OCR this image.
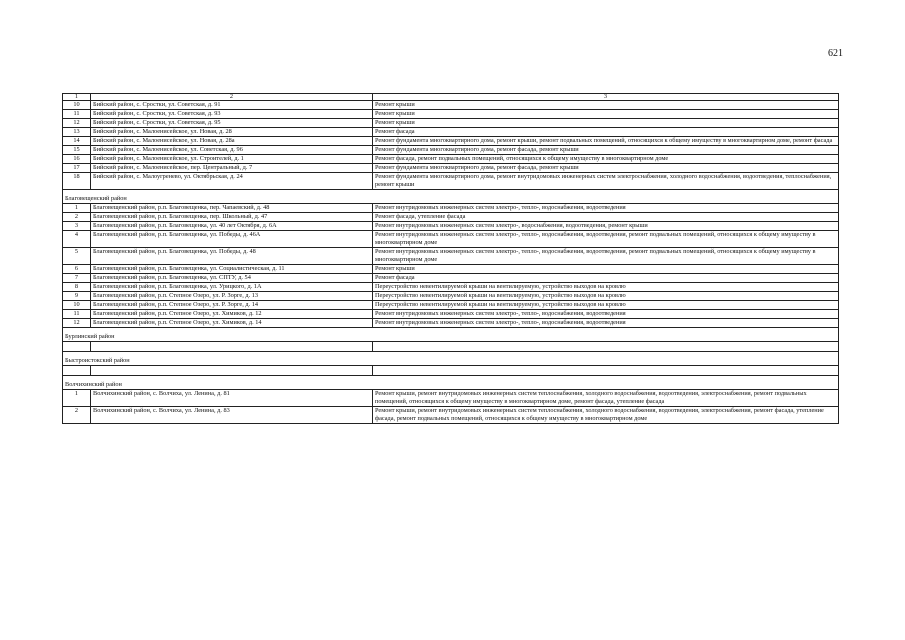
621
1	2	3
10	Бийский район, с. Сростки, ул. Советская, д. 91	Ремонт крыши
11	Бийский район, с. Сростки, ул. Советская, д. 93	Ремонт крыши
12	Бийский район, с. Сростки, ул. Советская, д. 95	Ремонт крыши
13	Бийский район, с. Малоенисейское, ул. Новая, д. 28	Ремонт фасада
14	Бийский район, с. Малоенисейское, ул. Новая, д. 28а	Ремонт фундамента многоквартирного дома, ремонт крыши, ремонт подвальных помещений, относящихся к общему имуществу в многоквартирном доме, ремонт фасада
15	Бийский район, с. Малоенисейское, ул. Советская, д. 96	Ремонт фундамента многоквартирного дома, ремонт фасада, ремонт крыши
16	Бийский район, с. Малоенисейское, ул. Строителей, д. 1	Ремонт фасада, ремонт подвальных помещений, относящихся к общему имуществу в многоквартирном доме
17	Бийский район, с. Малоенисейское, пер. Центральный, д. 7	Ремонт фундамента многоквартирного дома, ремонт фасада, ремонт крыши
18	Бийский район, с. Малоугренево, ул. Октябрьская, д. 24	Ремонт фундамента многоквартирного дома, ремонт внутридомовых инженерных систем электроснабжения, холодного водоснабжения, водоотведения, теплоснабжения, ремонт крыши
Благовещенский район		
1	Благовещенский район, р.п. Благовещенка, пер. Чапаевский, д. 48	Ремонт внутридомовых инженерных систем электро-, тепло-, водоснабжения, водоотведения
2	Благовещенский район, р.п. Благовещенка, пер. Школьный, д. 47	Ремонт фасада, утепление фасада
3	Благовещенский район, р.п. Благовещенка, ул. 40 лет Октября, д. 6А	Ремонт внутридомовых инженерных систем электро-, водоснабжения, водоотведения, ремонт крыши
4	Благовещенский район, р.п. Благовещенка, ул. Победы, д. 46А	Ремонт внутридомовых инженерных систем электро-, тепло-, водоснабжения, водоотведения, ремонт подвальных помещений, относящихся к общему имуществу в многоквартирном доме
5	Благовещенский район, р.п. Благовещенка, ул. Победы, д. 48	Ремонт внутридомовых инженерных систем электро-, тепло-, водоснабжения, водоотведения, ремонт подвальных помещений, относящихся к общему имуществу в многоквартирном доме
6	Благовещенский район, р.п. Благовещенка, ул. Социалистическая, д. 11	Ремонт крыши
7	Благовещенский район, р.п. Благовещенка, ул. СПТУ, д. 54	Ремонт фасада
8	Благовещенский район, р.п. Благовещенка, ул. Урицкого, д. 1А	Переустройство невентилируемой крыши на вентилируемую, устройство выходов на кровлю
9	Благовещенский район, р.п. Степное Озеро, ул. Р. Зорге, д. 13	Переустройство невентилируемой крыши на вентилируемую, устройство выходов на кровлю
10	Благовещенский район, р.п. Степное Озеро, ул. Р. Зорге, д. 14	Переустройство невентилируемой крыши на вентилируемую, устройство выходов на кровлю
11	Благовещенский район, р.п. Степное Озеро, ул. Химиков, д. 12	Ремонт внутридомовых инженерных систем электро-, тепло-, водоснабжения, водоотведения
12	Благовещенский район, р.п. Степное Озеро, ул. Химиков, д. 14	Ремонт внутридомовых инженерных систем электро-, тепло-, водоснабжения, водоотведения
Бурлинский район		

Быстроистокский район		

Волчихинский район		
1	Волчихинский район, с. Волчиха, ул. Ленина, д. 81	Ремонт крыши, ремонт внутридомовых инженерных систем теплоснабжения, холодного водоснабжения, водоотведения, электроснабжения, ремонт подвальных помещений, относящихся к общему имуществу в многоквартирном доме, ремонт фасада, утепление фасада
2	Волчихинский район, с. Волчиха, ул. Ленина, д. 83	Ремонт крыши, ремонт внутридомовых инженерных систем теплоснабжения, холодного водоснабжения, водоотведения, электроснабжения, ремонт фасада, утепление фасада, ремонт подвальных помещений, относящихся к общему имуществу в многоквартирном доме
